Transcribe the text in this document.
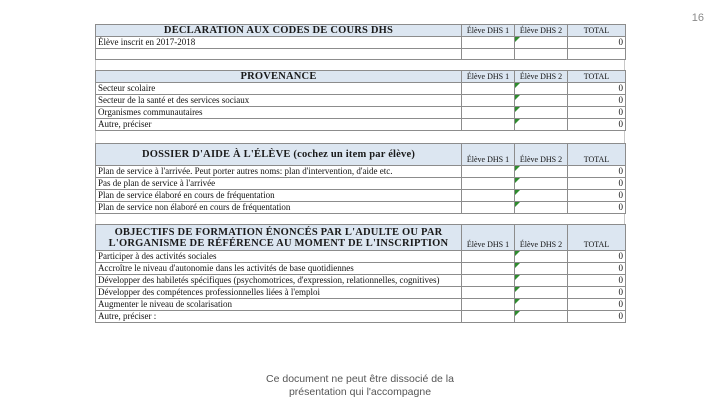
16
DÉCLARATION AUX CODES DE COURS DHS	Élève DHS 1	Élève DHS 2	TOTAL
Élève inscrit en 2017-2018			0

PROVENANCE	Élève DHS 1	Élève DHS 2	TOTAL
Secteur scolaire			0
Secteur de la santé et des services sociaux			0
Organismes communautaires			0
Autre, préciser			0
DOSSIER D'AIDE À L'ÉLÈVE (cochez un item par élève)	Élève DHS 1	Élève DHS 2	TOTAL
Plan de service à l'arrivée. Peut porter autres noms: plan d'intervention, d'aide etc.			0
Pas de plan de service à l'arrivée			0
Plan de service élaboré en cours de fréquentation			0
Plan de service non élaboré en cours de fréquentation			0
OBJECTIFS DE FORMATION ÉNONCÉS PAR L'ADULTE OU PAR
L'ORGANISME DE RÉFÉRENCE AU MOMENT DE L'INSCRIPTION	Élève DHS 1	Élève DHS 2	TOTAL
Participer à des activités sociales			0
Accroître le niveau d'autonomie dans les activités de base quotidiennes			0
Développer des habiletés spécifiques (psychomotrices, d'expression, relationnelles, cognitives)			0
Développer des compétences professionnelles liées à l'emploi			0
Augmenter le niveau de scolarisation			0
Autre, préciser :			0
Ce document ne peut être dissocié de la
présentation qui l'accompagne
